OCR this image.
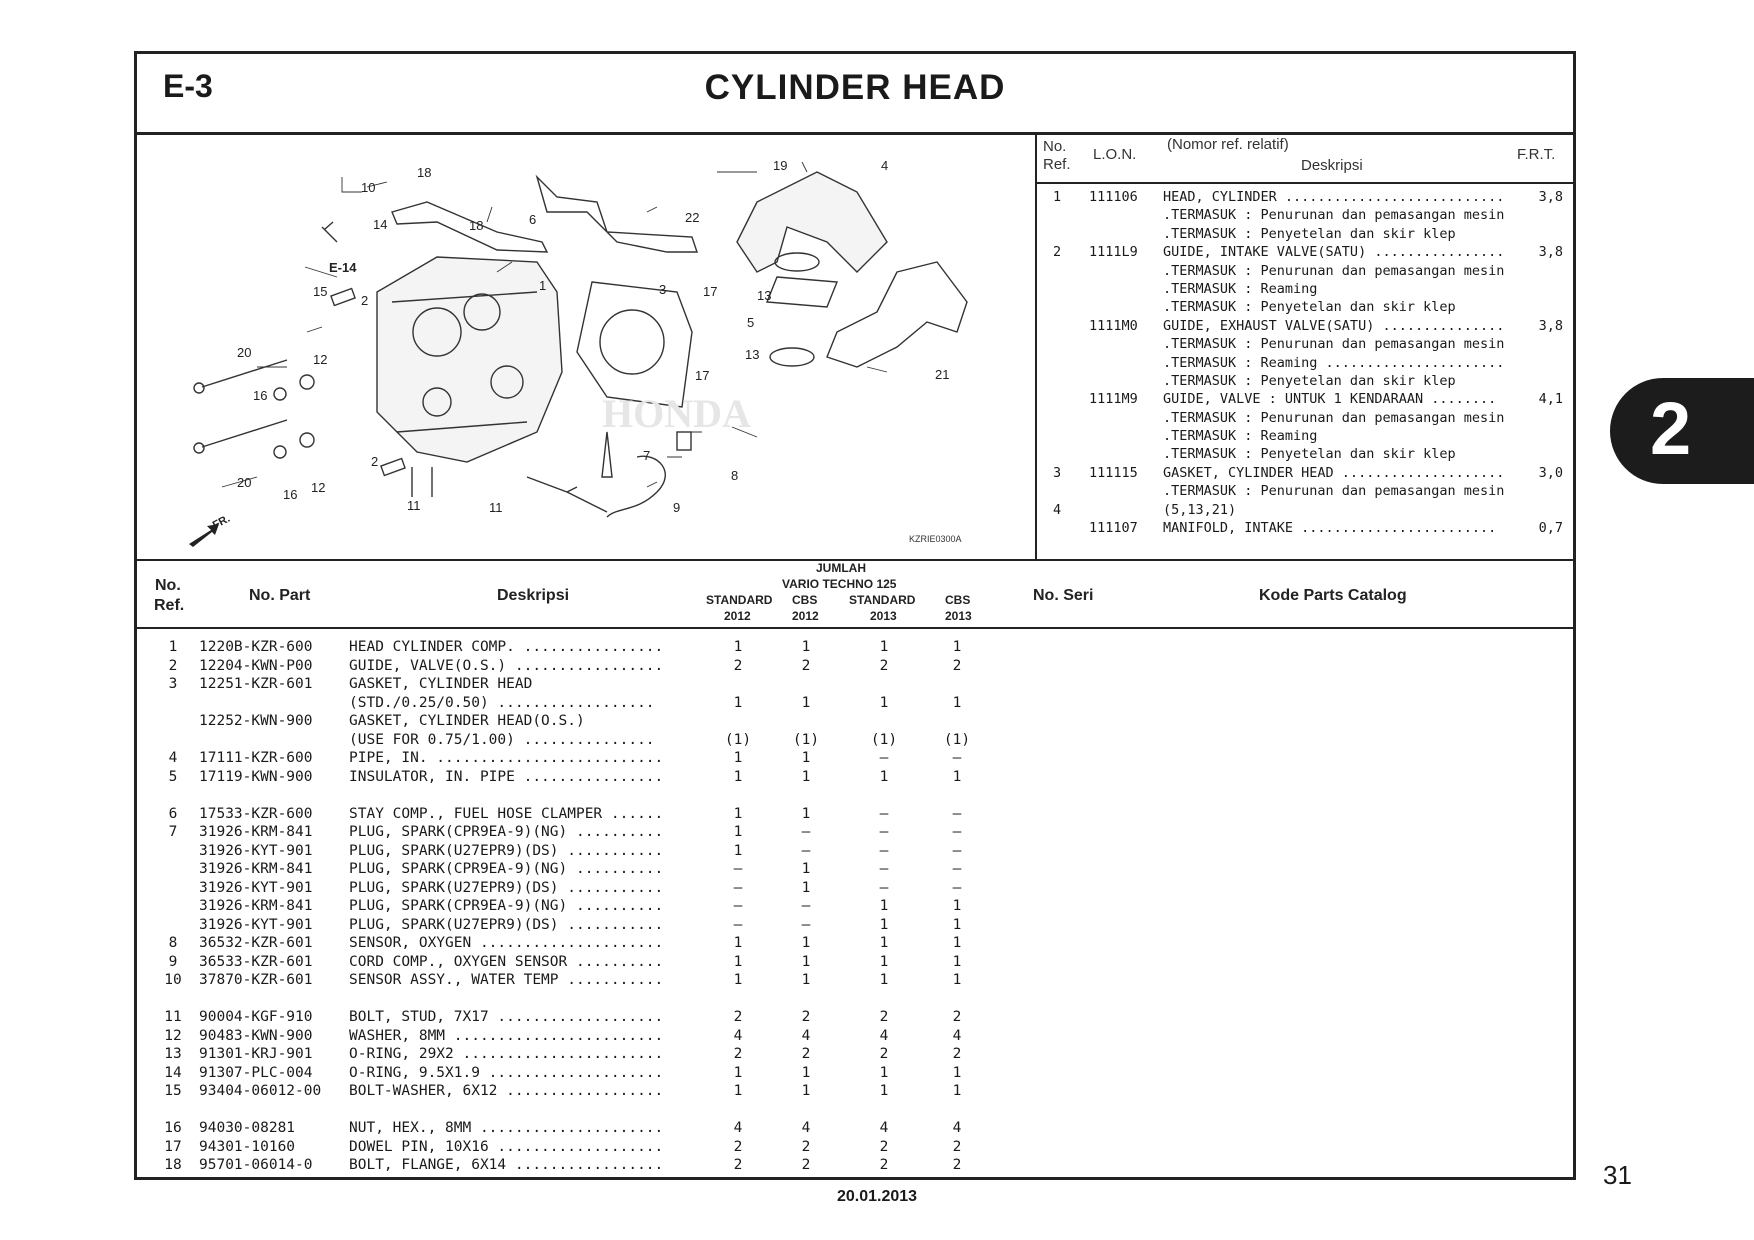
E-3	CYLINDER HEAD
HONDA
18
10
14	18	6
19	4
22
E-14
1
15
2
3	17	13
5
20	12
16
17
13
21
2	7
20	12
16
11	11
8
9
FR.
KZRIE0300A
No.
Ref.
L.O.N.
(Nomor ref. relatif)
Deskripsi
F.R.T.
1 111106 HEAD, CYLINDER ...........................	3,8
.TERMASUK : Penurunan dan pemasangan mesin
.TERMASUK : Penyetelan dan skir klep
2 1111L9 GUIDE, INTAKE VALVE(SATU) ................	3,8
.TERMASUK : Penurunan dan pemasangan mesin
.TERMASUK : Reaming
.TERMASUK : Penyetelan dan skir klep
1111M0 GUIDE, EXHAUST VALVE(SATU) ...............	3,8
.TERMASUK : Penurunan dan pemasangan mesin
.TERMASUK : Reaming ......................
.TERMASUK : Penyetelan dan skir klep
1111M9 GUIDE, VALVE : UNTUK 1 KENDARAAN ........	4,1
.TERMASUK : Penurunan dan pemasangan mesin
.TERMASUK : Reaming
.TERMASUK : Penyetelan dan skir klep
3 111115 GASKET, CYLINDER HEAD ....................	3,0
.TERMASUK : Penurunan dan pemasangan mesin
4	(5,13,21)
111107 MANIFOLD, INTAKE ........................	0,7
No.
Ref.
No. Part	Deskripsi
JUMLAH
VARIO TECHNO 125
STANDARD
2012
CBS
2012
STANDARD
2013
CBS
2013
No. Seri	Kode Parts Catalog
1	1220B-KZR-600	HEAD CYLINDER COMP. ................	1	1	1	1
2	12204-KWN-P00	GUIDE, VALVE(O.S.) .................	2	2	2	2
3	12251-KZR-601	GASKET, CYLINDER HEAD
(STD./0.25/0.50) ..................	1	1	1	1
12252-KWN-900	GASKET, CYLINDER HEAD(O.S.)
(USE FOR 0.75/1.00) ...............	(1)	(1)	(1)	(1)
4	17111-KZR-600	PIPE, IN. ..........................	1	1	–	–
5	17119-KWN-900	INSULATOR, IN. PIPE ................	1	1	1	1
6	17533-KZR-600	STAY COMP., FUEL HOSE CLAMPER ......	1	1	–	–
7	31926-KRM-841	PLUG, SPARK(CPR9EA-9)(NG) ..........	1	–	–	–
31926-KYT-901	PLUG, SPARK(U27EPR9)(DS) ...........	1	–	–	–
31926-KRM-841	PLUG, SPARK(CPR9EA-9)(NG) ..........	–	1	–	–
31926-KYT-901	PLUG, SPARK(U27EPR9)(DS) ...........	–	1	–	–
31926-KRM-841	PLUG, SPARK(CPR9EA-9)(NG) ..........	–	–	1	1
31926-KYT-901	PLUG, SPARK(U27EPR9)(DS) ...........	–	–	1	1
8	36532-KZR-601	SENSOR, OXYGEN .....................	1	1	1	1
9	36533-KZR-601	CORD COMP., OXYGEN SENSOR ..........	1	1	1	1
10	37870-KZR-601	SENSOR ASSY., WATER TEMP ...........	1	1	1	1
11	90004-KGF-910	BOLT, STUD, 7X17 ...................	2	2	2	2
12	90483-KWN-900	WASHER, 8MM ........................	4	4	4	4
13	91301-KRJ-901	O-RING, 29X2 .......................	2	2	2	2
14	91307-PLC-004	O-RING, 9.5X1.9 ....................	1	1	1	1
15	93404-06012-00 BOLT-WASHER, 6X12 ..................	1	1	1	1
16	94030-08281	NUT, HEX., 8MM .....................	4	4	4	4
17	94301-10160	DOWEL PIN, 10X16 ...................	2	2	2	2
18	95701-06014-0	BOLT, FLANGE, 6X14 .................	2	2	2	2
2
31
20.01.2013
